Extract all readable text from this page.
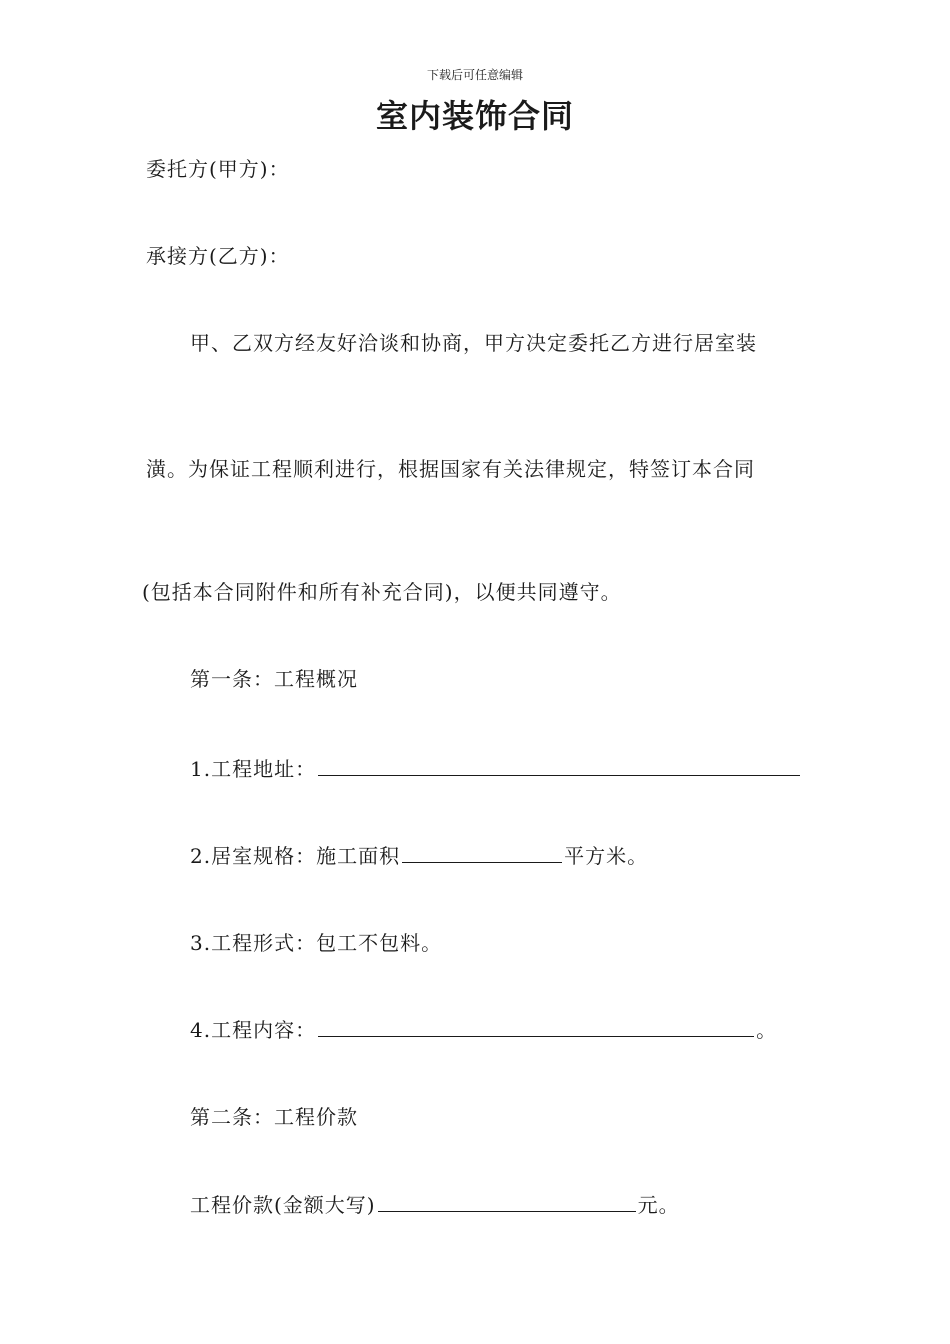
下载后可任意编辑
室内装饰合同
委托方(甲方)：
承接方(乙方)：
甲、乙双方经友好洽谈和协商，甲方决定委托乙方进行居室装
潢。为保证工程顺利进行，根据国家有关法律规定，特签订本合同
(包括本合同附件和所有补充合同)，以便共同遵守。
第一条：工程概况
1.工程地址：
2.居室规格：施工面积	平方米。
3.工程形式：包工不包料。
4.工程内容：	。
第二条：工程价款
工程价款(金额大写)	元。
